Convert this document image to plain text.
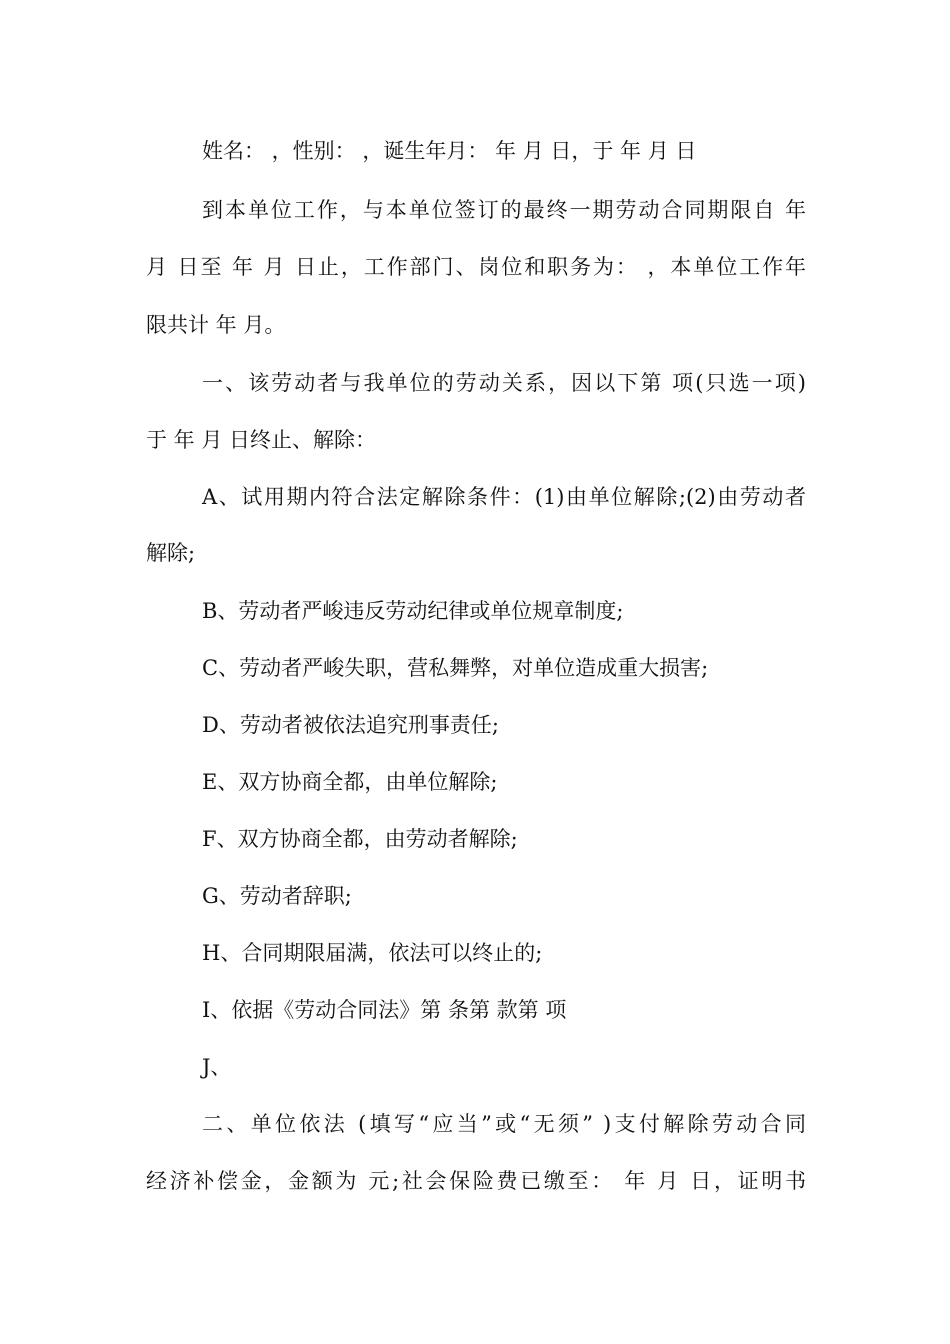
姓名： ，性别： ，诞生年月： 年 月 日，于 年 月 日
到本单位工作，与本单位签订的最终一期劳动合同期限自 年
月 日至 年 月 日止，工作部门、岗位和职务为： ，本单位工作年
限共计 年 月。
一、该劳动者与我单位的劳动关系，因以下第 项(只选一项)
于 年 月 日终止、解除：
A、试用期内符合法定解除条件：(1)由单位解除;(2)由劳动者
解除;
B、劳动者严峻违反劳动纪律或单位规章制度;
C、劳动者严峻失职，营私舞弊，对单位造成重大损害;
D、劳动者被依法追究刑事责任;
E、双方协商全都，由单位解除;
F、双方协商全都，由劳动者解除;
G、劳动者辞职;
H、合同期限届满，依法可以终止的;
I、依据《劳动合同法》第 条第 款第 项
J、
二、单位依法 (填写“应当”或“无须” )支付解除劳动合同
经济补偿金，金额为 元;社会保险费已缴至： 年 月 日，证明书
